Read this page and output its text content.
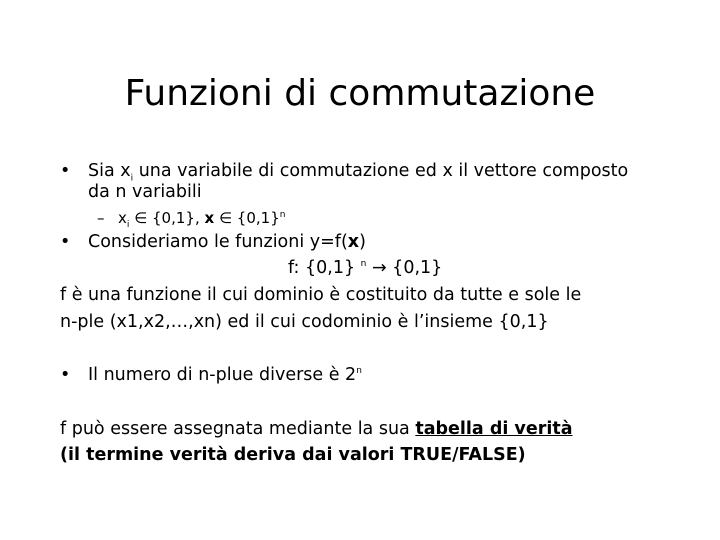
Funzioni di commutazione
• Sia $x_i$ una variabile di commutazione ed x il vettore composto
da n variabili
– $x_i$ ∈ {0,1}, x ∈ $\{0,1\}^n$
• Consideriamo le funzioni y=f(x)
f: {0,1} $^n$ → {0,1}
f è una funzione il cui dominio è costituito da tutte e sole le
n-ple (x1,x2,…,xn) ed il cui codominio è l’insieme {0,1}
• Il numero di n-plue diverse è 2$^n$
f può essere assegnata mediante la sua tabella di verità
(il termine verità deriva dai valori TRUE/FALSE)
